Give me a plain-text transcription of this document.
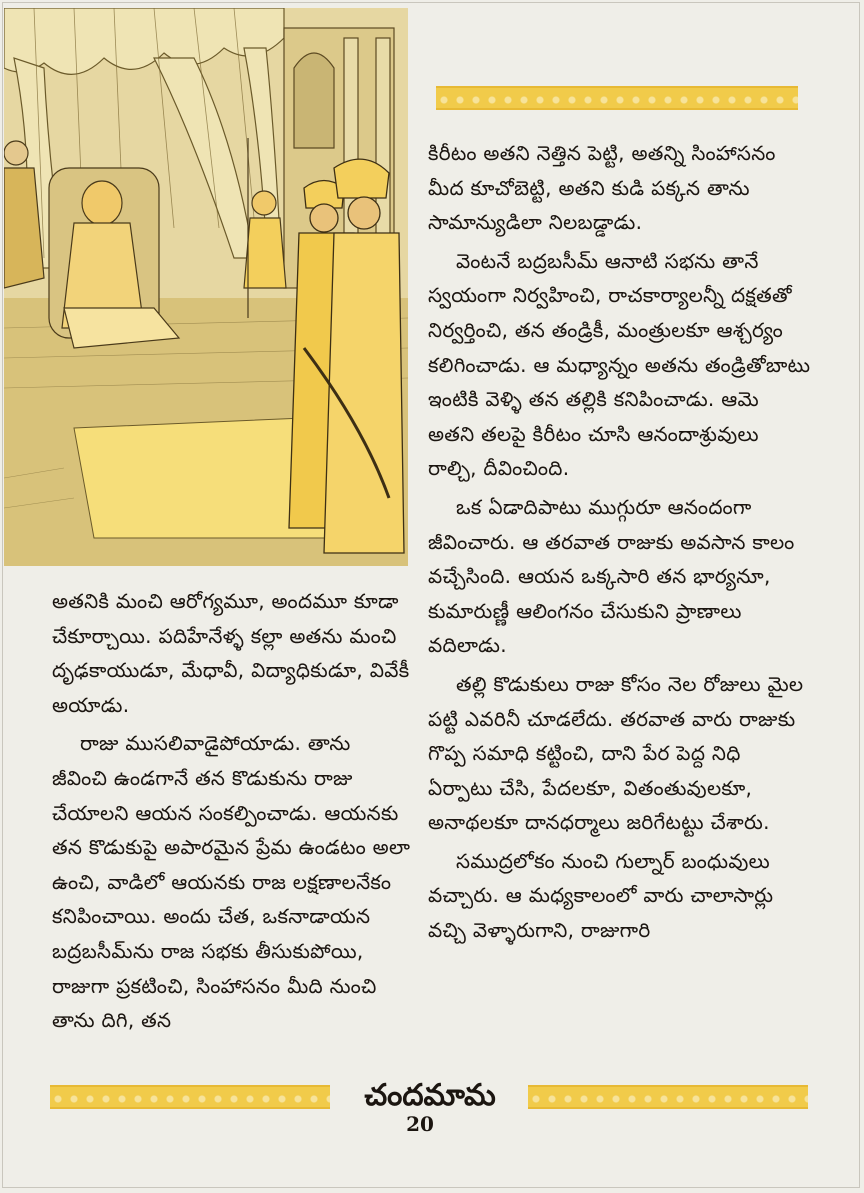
కిరీటం అతని నెత్తిన పెట్టి, అతన్ని సింహాసనం మీద కూచోబెట్టి, అతని కుడి పక్కన తాను సామాన్యుడిలా నిలబడ్డాడు.

వెంటనే బద్రబసీమ్ ఆనాటి సభను తానే స్వయంగా నిర్వహించి, రాచకార్యాలన్నీ దక్షతతో నిర్వర్తించి, తన తండ్రికీ, మంత్రులకూ ఆశ్చర్యం కలిగించాడు. ఆ మధ్యాన్నం అతను తండ్రితోబాటు ఇంటికి వెళ్ళి తన తల్లికి కనిపించాడు. ఆమె అతని తలపై కిరీటం చూసి ఆనందాశ్రువులు రాల్చి, దీవించింది.

ఒక ఏడాదిపాటు ముగ్గురూ ఆనందంగా జీవించారు. ఆ తరవాత రాజుకు అవసాన కాలం వచ్చేసింది. ఆయన ఒక్కసారి తన భార్యనూ, కుమారుణ్ణీ ఆలింగనం చేసుకుని ప్రాణాలు వదిలాడు.

తల్లి కొడుకులు రాజు కోసం నెల రోజులు మైల పట్టి ఎవరినీ చూడలేదు. తరవాత వారు రాజుకు గొప్ప సమాధి కట్టించి, దాని పేర పెద్ద నిధి ఏర్పాటు చేసి, పేదలకూ, వితంతువులకూ, అనాథలకూ దానధర్మాలు జరిగేటట్టు చేశారు.

సముద్రలోకం నుంచి గుల్నార్ బంధువులు వచ్చారు. ఆ మధ్యకాలంలో వారు చాలాసార్లు వచ్చి వెళ్ళారుగాని, రాజుగారి

అతనికి మంచి ఆరోగ్యమూ, అందమూ కూడా చేకూర్చాయి. పదిహేనేళ్ళ కల్లా అతను మంచి దృఢకాయుడూ, మేధావీ, విద్యాధికుడూ, వివేకీ అయాడు.

రాజు ముసలివాడైపోయాడు. తాను జీవించి ఉండగానే తన కొడుకును రాజు చేయాలని ఆయన సంకల్పించాడు. ఆయనకు తన కొడుకుపై అపారమైన ప్రేమ ఉండటం అలా ఉంచి, వాడిలో ఆయనకు రాజ లక్షణాలనేకం కనిపించాయి. అందు చేత, ఒకనాడాయన బద్రబసీమ్‌ను రాజ సభకు తీసుకుపోయి, రాజుగా ప్రకటించి, సింహాసనం మీది నుంచి తాను దిగి, తన

చందమామ
20
